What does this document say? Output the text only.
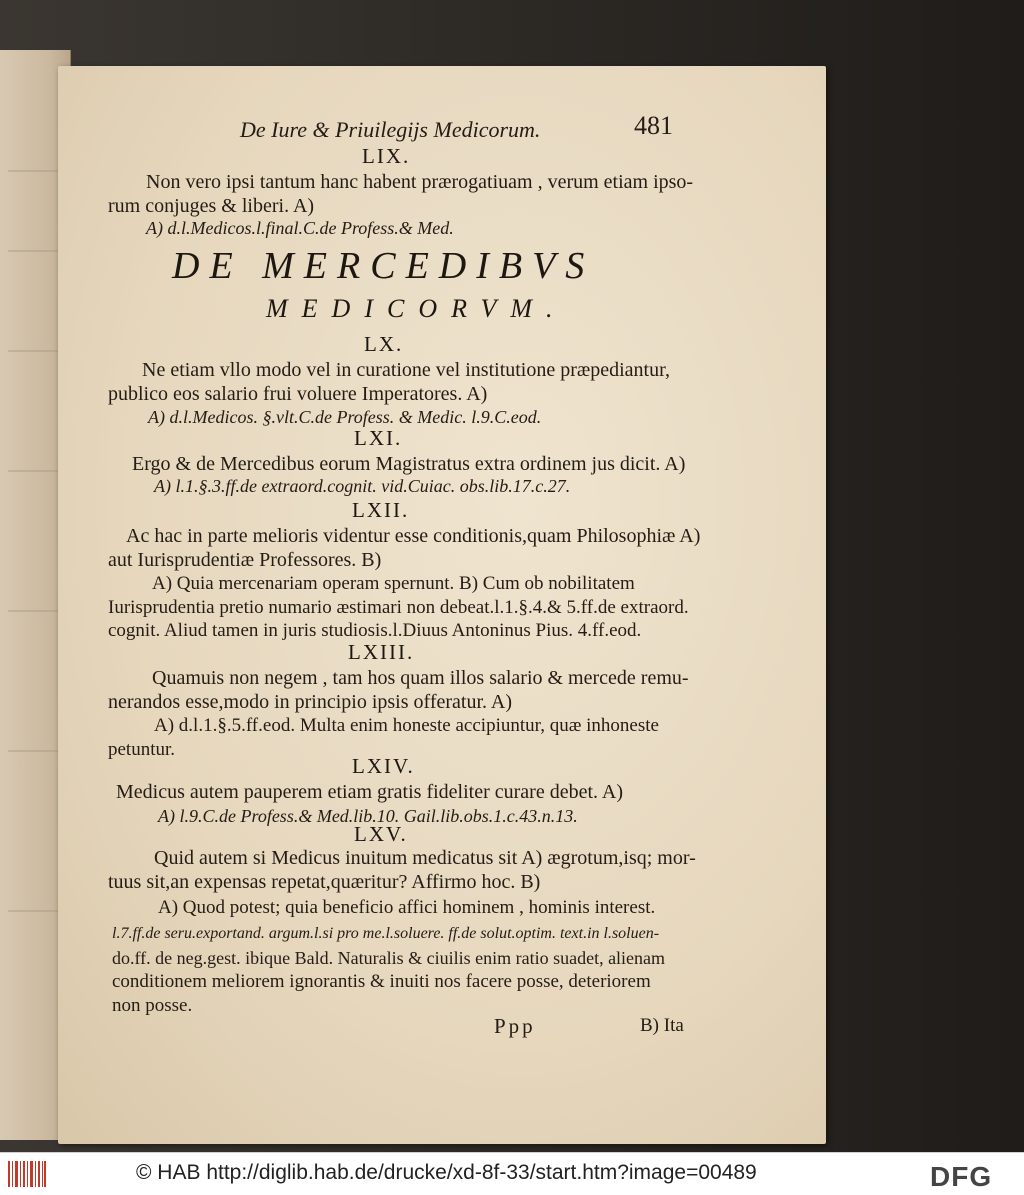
De Iure & Priuilegijs Medicorum.	481
LIX.
Non vero ipsi tantum hanc habent prærogatiuam , verum etiam ipso-
rum conjuges & liberi. A)
A) d.l.Medicos.l.final.C.de Profess.& Med.
DE MERCEDIBVS
MEDICORVM.
LX.
Ne etiam vllo modo vel in curatione vel institutione præpediantur,
publico eos salario frui voluere Imperatores. A)
A) d.l.Medicos. §.vlt.C.de Profess. & Medic. l.9.C.eod.
LXI.
Ergo & de Mercedibus eorum Magistratus extra ordinem jus dicit. A)
A) l.1.§.3.ff.de extraord.cognit. vid.Cuiac. obs.lib.17.c.27.
LXII.
Ac hac in parte melioris videntur esse conditionis,quam Philosophiæ A)
aut Iurisprudentiæ Professores. B)
A) Quia mercenariam operam spernunt. B) Cum ob nobilitatem
Iurisprudentia pretio numario æstimari non debeat.l.1.§.4.& 5.ff.de extraord.
cognit. Aliud tamen in juris studiosis.l.Diuus Antoninus Pius. 4.ff.eod.
LXIII.
Quamuis non negem , tam hos quam illos salario & mercede remu-
nerandos esse,modo in principio ipsis offeratur. A)
A) d.l.1.§.5.ff.eod. Multa enim honeste accipiuntur, quæ inhoneste
petuntur.
LXIV.
Medicus autem pauperem etiam gratis fideliter curare debet. A)
A) l.9.C.de Profess.& Med.lib.10. Gail.lib.obs.1.c.43.n.13.
LXV.
Quid autem si Medicus inuitum medicatus sit A) ægrotum,isq; mor-
tuus sit,an expensas repetat,quæritur? Affirmo hoc. B)
A) Quod potest; quia beneficio affici hominem , hominis interest.
l.7.ff.de seru.exportand. argum.l.si pro me.l.soluere. ff.de solut.optim. text.in l.soluen-
do.ff. de neg.gest. ibique Bald. Naturalis & ciuilis enim ratio suadet, alienam
conditionem meliorem ignorantis & inuiti nos facere posse, deteriorem
non posse.
Ppp	B) Ita
© HAB http://diglib.hab.de/drucke/xd-8f-33/start.htm?image=00489	DFG
